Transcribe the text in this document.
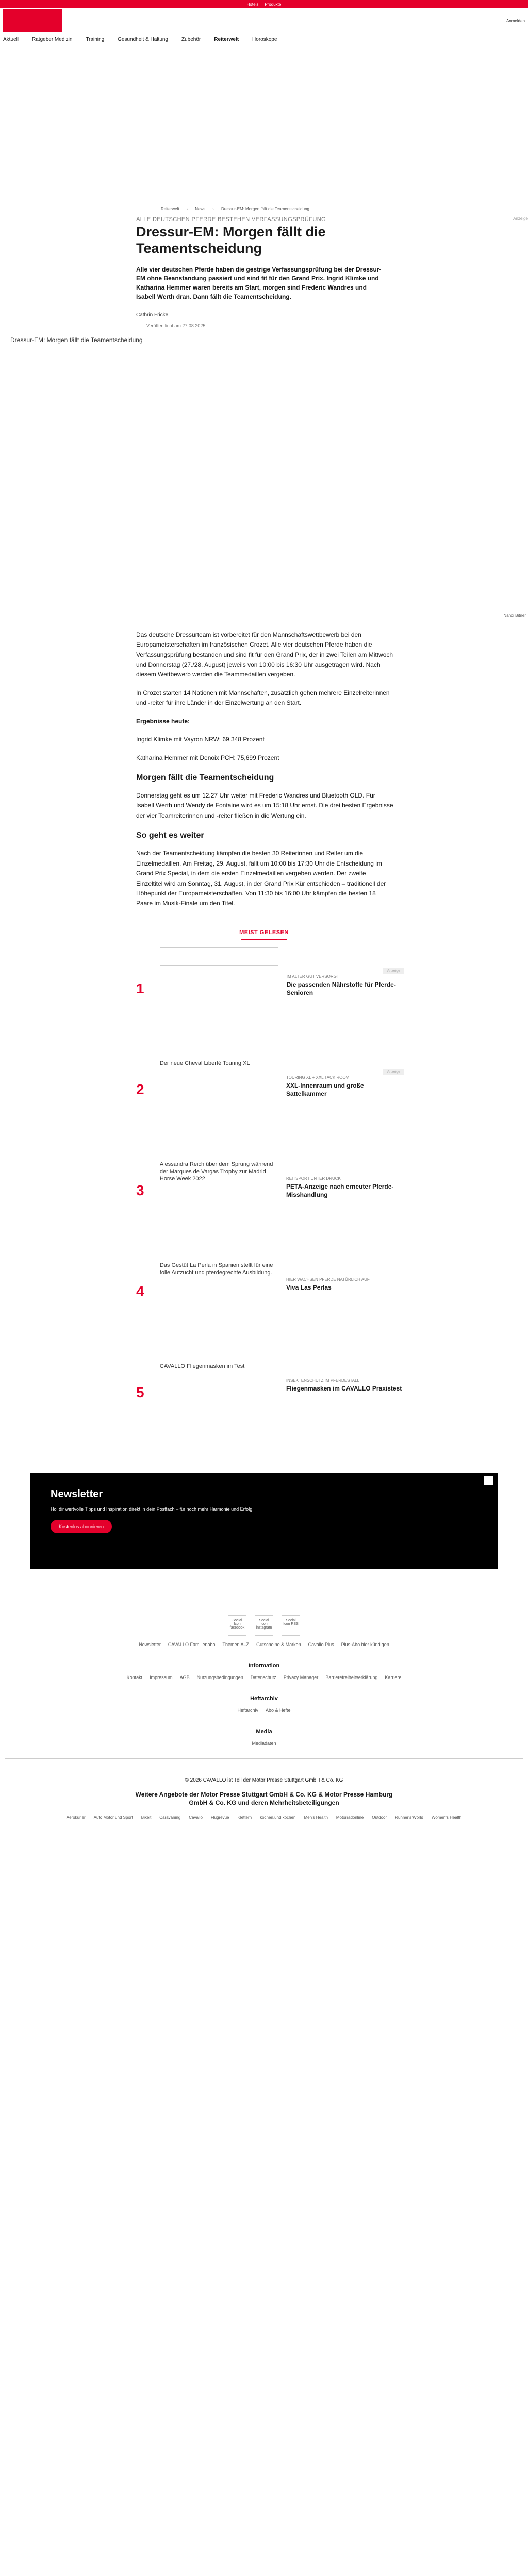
Hotels Produkte
Anmelden
Aktuell	Ratgeber Medizin	Training	Gesundheit & Haltung	Zubehör	Reiterwelt	Horoskope
Reiterwelt › News › Dressur-EM: Morgen fällt die Teamentscheidung
ALLE DEUTSCHEN PFERDE BESTEHEN VERFASSUNGSPRÜFUNG	Anzeige
Dressur-EM: Morgen fällt die Teamentscheidung
Alle vier deutschen Pferde haben die gestrige Verfassungsprüfung bei der Dressur-EM ohne Beanstandung passiert und sind fit für den Grand Prix. Ingrid Klimke und Katharina Hemmer waren bereits am Start, morgen sind Frederic Wandres und Isabell Werth dran. Dann fällt die Teamentscheidung.
Cathrin Fricke
Veröffentlicht am 27.08.2025
Dressur-EM: Morgen fällt die Teamentscheidung
Nanci Bitner

Das deutsche Dressurteam ist vorbereitet für den Mannschaftswettbewerb bei den Europameisterschaften im französischen Crozet. Alle vier deutschen Pferde haben die Verfassungsprüfung bestanden und sind fit für den Grand Prix, der in zwei Teilen am Mittwoch und Donnerstag (27./28. August) jeweils von 10:00 bis 16:30 Uhr ausgetragen wird. Nach diesem Wettbewerb werden die Teammedaillen vergeben.

In Crozet starten 14 Nationen mit Mannschaften, zusätzlich gehen mehrere Einzelreiterinnen und -reiter für ihre Länder in der Einzelwertung an den Start.

Ergebnisse heute:

Ingrid Klimke mit Vayron NRW: 69,348 Prozent

Katharina Hemmer mit Denoix PCH: 75,699 Prozent

Morgen fällt die Teamentscheidung

Donnerstag geht es um 12.27 Uhr weiter mit Frederic Wandres und Bluetooth OLD. Für Isabell Werth und Wendy de Fontaine wird es um 15:18 Uhr ernst. Die drei besten Ergebnisse der vier Teamreiterinnen und -reiter fließen in die Wertung ein.

So geht es weiter

Nach der Teamentscheidung kämpfen die besten 30 Reiterinnen und Reiter um die Einzelmedaillen. Am Freitag, 29. August, fällt um 10:00 bis 17:30 Uhr die Entscheidung im Grand Prix Special, in dem die ersten Einzelmedaillen vergeben werden. Der zweite Einzeltitel wird am Sonntag, 31. August, in der Grand Prix Kür entschieden – traditionell der Höhepunkt der Europameisterschaften. Von 11:30 bis 16:00 Uhr kämpfen die besten 18 Paare im Musik-Finale um den Titel.

MEIST GELESEN
1
IM ALTER GUT VERSORGT
Die passenden Nährstoffe für Pferde-Senioren
Anzeige
2
Der neue Cheval Liberté Touring XL
TOURING XL + XXL TACK ROOM
XXL-Innenraum und große Sattelkammer
Anzeige
3
Alessandra Reich über dem Sprung während der Marques de Vargas Trophy zur Madrid Horse Week 2022	REITSPORT UNTER DRUCK
PETA-Anzeige nach erneuter Pferde-Misshandlung
4
Das Gestüt La Perla in Spanien stellt für eine tolle Aufzucht und pferdegrechte Ausbildung.
HIER WACHSEN PFERDE NATÜRLICH AUF
Viva Las Perlas
5
CAVALLO Fliegenmasken im Test
INSEKTENSCHUTZ IM PFERDESTALL
Fliegenmasken im CAVALLO Praxistest
Newsletter

Hol dir wertvolle Tipps und Inspiration direkt in dein Postfach – für noch mehr Harmonie und Erfolg!

Kostenlos abonnieren
Social Icon facebook
Social Icon instagram
Social Icon RSS
Newsletter CAVALLO Familienabo Themen A–Z Gutscheine & Marken Cavallo Plus Plus-Abo hier kündigen
Information
Kontakt Impressum AGB Nutzungsbedingungen Datenschutz Privacy Manager Barrierefreiheitserklärung Karriere
Heftarchiv
Heftarchiv Abo & Hefte
Media
Mediadaten
© 2026 CAVALLO ist Teil der Motor Presse Stuttgart GmbH & Co. KG
Weitere Angebote der Motor Presse Stuttgart GmbH & Co. KG & Motor Presse Hamburg GmbH & Co. KG und deren Mehrheitsbeteiligungen
Aerokurier Auto Motor und Sport Bikeit Caravaning Cavallo Flugrevue Klettern kochen.und.kochen Men's Health Motorradonline Outdoor Runner's World Women's Health
